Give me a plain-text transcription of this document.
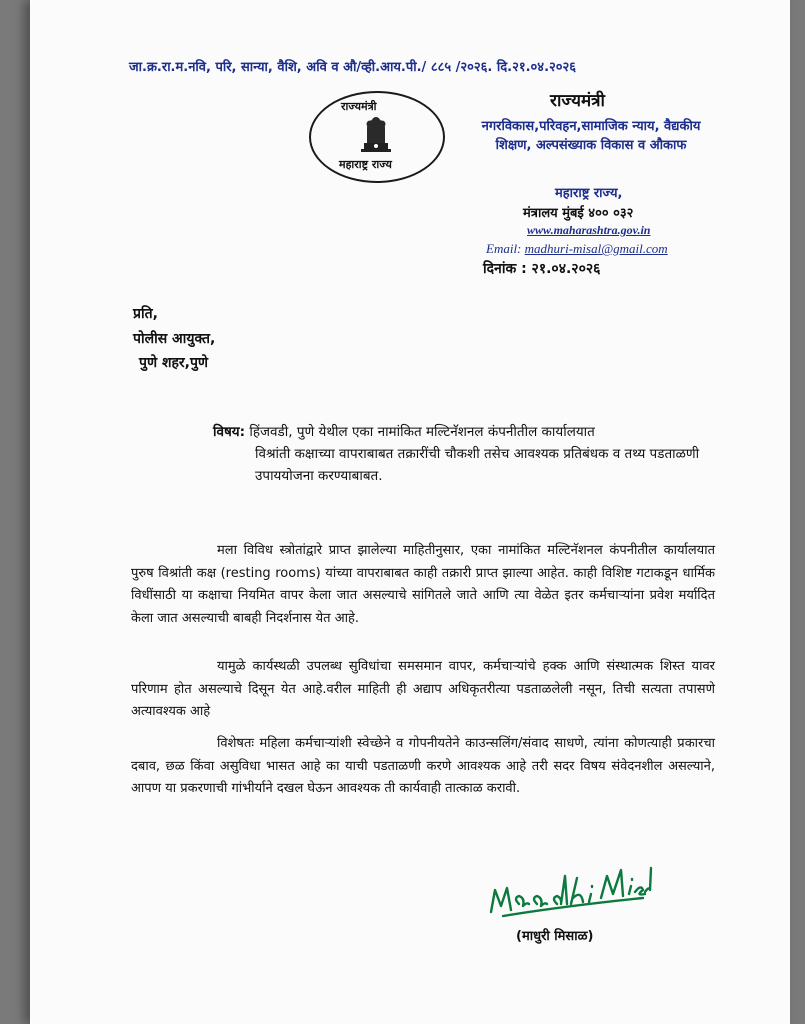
जा.क्र.रा.म.नवि, परि, सान्या, वैशि, अवि व औ/व्ही.आय.पी./ ८८५ /२०२६. दि.२१.०४.२०२६
राज्यमंत्री
महाराष्ट्र राज्य
राज्यमंत्री
नगरविकास,परिवहन,सामाजिक न्याय, वैद्यकीय शिक्षण, अल्पसंख्याक विकास व औकाफ
महाराष्ट्र राज्य,
मंत्रालय मुंबई ४०० ०३२
www.maharashtra.gov.in
Email: madhuri-misal@gmail.com
दिनांक : २१.०४.२०२६
प्रति,
पोलीस आयुक्त,
पुणे शहर,पुणे
विषय: हिंजवडी, पुणे येथील एका नामांकित मल्टिनॅशनल कंपनीतील कार्यालयात
विश्रांती कक्षाच्या वापराबाबत तक्रारींची चौकशी तसेच आवश्यक प्रतिबंधक व तथ्य पडताळणी उपाययोजना करण्याबाबत.
मला विविध स्त्रोतांद्वारे प्राप्त झालेल्या माहितीनुसार, एका नामांकित मल्टिनॅशनल कंपनीतील कार्यालयात पुरुष विश्रांती कक्ष (resting rooms) यांच्या वापराबाबत काही तक्रारी प्राप्त झाल्या आहेत. काही विशिष्ट गटाकडून धार्मिक विधींसाठी या कक्षाचा नियमित वापर केला जात असल्याचे सांगितले जाते आणि त्या वेळेत इतर कर्मचाऱ्यांना प्रवेश मर्यादित केला जात असल्याची बाबही निदर्शनास येत आहे.
यामुळे कार्यस्थळी उपलब्ध सुविधांचा समसमान वापर, कर्मचाऱ्यांचे हक्क आणि संस्थात्मक शिस्त यावर परिणाम होत असल्याचे दिसून येत आहे.वरील माहिती ही अद्याप अधिकृतरीत्या पडताळलेली नसून, तिची सत्यता तपासणे अत्यावश्यक आहे
विशेषतः महिला कर्मचाऱ्यांशी स्वेच्छेने व गोपनीयतेने काउन्सलिंग/संवाद साधणे, त्यांना कोणत्याही प्रकारचा दबाव, छळ किंवा असुविधा भासत आहे का याची पडताळणी करणे आवश्यक आहे तरी सदर विषय संवेदनशील असल्याने, आपण या प्रकरणाची गांभीर्याने दखल घेऊन आवश्यक ती कार्यवाही तात्काळ करावी.
(माधुरी मिसाळ)
